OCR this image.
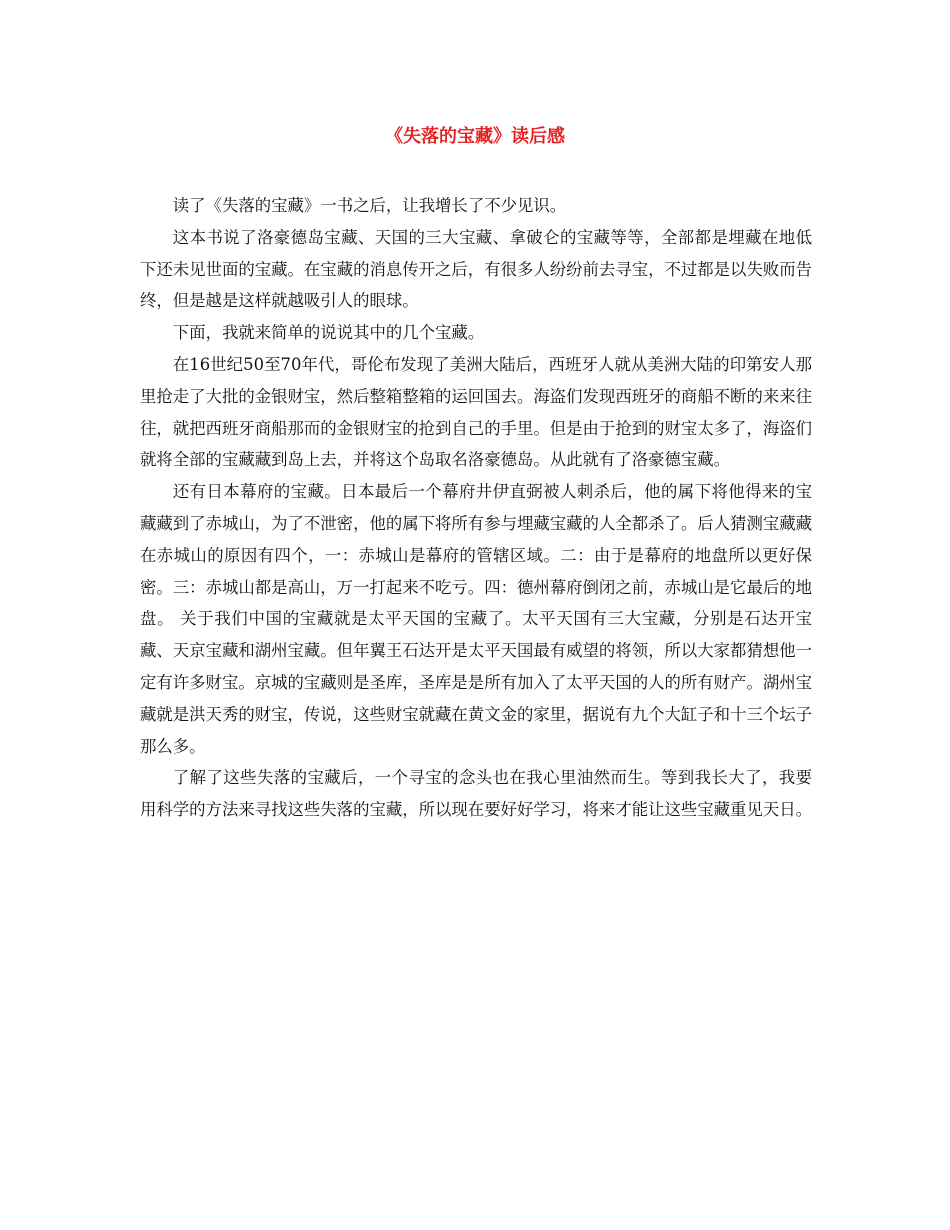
《失落的宝藏》读后感

读了《失落的宝藏》一书之后，让我增长了不少见识。

这本书说了洛豪德岛宝藏、天国的三大宝藏、拿破仑的宝藏等等，全部都是埋藏在地低下还未见世面的宝藏。在宝藏的消息传开之后，有很多人纷纷前去寻宝，不过都是以失败而告终，但是越是这样就越吸引人的眼球。

下面，我就来简单的说说其中的几个宝藏。

在16世纪50至70年代，哥伦布发现了美洲大陆后，西班牙人就从美洲大陆的印第安人那里抢走了大批的金银财宝，然后整箱整箱的运回国去。海盗们发现西班牙的商船不断的来来往往，就把西班牙商船那而的金银财宝的抢到自己的手里。但是由于抢到的财宝太多了，海盗们就将全部的宝藏藏到岛上去，并将这个岛取名洛豪德岛。从此就有了洛豪德宝藏。

还有日本幕府的宝藏。日本最后一个幕府井伊直弼被人刺杀后，他的属下将他得来的宝藏藏到了赤城山，为了不泄密，他的属下将所有参与埋藏宝藏的人全都杀了。后人猜测宝藏藏在赤城山的原因有四个，一：赤城山是幕府的管辖区域。二：由于是幕府的地盘所以更好保密。三：赤城山都是高山，万一打起来不吃亏。四：德州幕府倒闭之前，赤城山是它最后的地盘。 关于我们中国的宝藏就是太平天国的宝藏了。太平天国有三大宝藏，分别是石达开宝藏、天京宝藏和湖州宝藏。但年翼王石达开是太平天国最有威望的将领，所以大家都猜想他一定有许多财宝。京城的宝藏则是圣库，圣库是是所有加入了太平天国的人的所有财产。湖州宝藏就是洪天秀的财宝，传说，这些财宝就藏在黄文金的家里，据说有九个大缸子和十三个坛子那么多。

了解了这些失落的宝藏后，一个寻宝的念头也在我心里油然而生。等到我长大了，我要用科学的方法来寻找这些失落的宝藏，所以现在要好好学习，将来才能让这些宝藏重见天日。
